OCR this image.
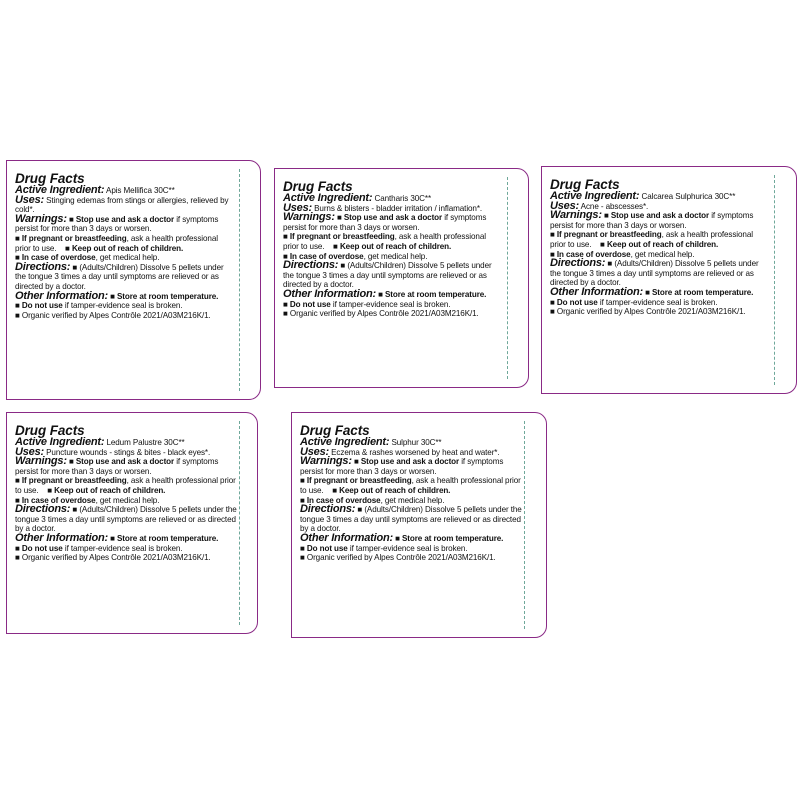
Drug Facts

Active Ingredient: Apis Mellifica 30C**

Uses: Stinging edemas from stings or allergies, relieved by cold*.

Warnings: ■ Stop use and ask a doctor if symptoms persist for more than 3 days or worsen.

■ If pregnant or breastfeeding, ask a health professional prior to use. ■ Keep out of reach of children.

■ In case of overdose, get medical help.

Directions: ■ (Adults/Children) Dissolve 5 pellets under the tongue 3 times a day until symptoms are relieved or as directed by a doctor.

Other Information: ■ Store at room temperature.

■ Do not use if tamper-evidence seal is broken.

■ Organic verified by Alpes Contrôle 2021/A03M216K/1.

Drug Facts

Active Ingredient: Cantharis 30C**

Uses: Burns & blisters - bladder irritation / inflamation*.

Warnings: ■ Stop use and ask a doctor if symptoms persist for more than 3 days or worsen.

■ If pregnant or breastfeeding, ask a health professional prior to use. ■ Keep out of reach of children.

■ In case of overdose, get medical help.

Directions: ■ (Adults/Children) Dissolve 5 pellets under the tongue 3 times a day until symptoms are relieved or as directed by a doctor.

Other Information: ■ Store at room temperature.

■ Do not use if tamper-evidence seal is broken.

■ Organic verified by Alpes Contrôle 2021/A03M216K/1.

Drug Facts

Active Ingredient: Calcarea Sulphurica 30C**

Uses: Acne - abscesses*.

Warnings: ■ Stop use and ask a doctor if symptoms persist for more than 3 days or worsen.

■ If pregnant or breastfeeding, ask a health professional prior to use. ■ Keep out of reach of children.

■ In case of overdose, get medical help.

Directions: ■ (Adults/Children) Dissolve 5 pellets under the tongue 3 times a day until symptoms are relieved or as directed by a doctor.

Other Information: ■ Store at room temperature.

■ Do not use if tamper-evidence seal is broken.

■ Organic verified by Alpes Contrôle 2021/A03M216K/1.

Drug Facts

Active Ingredient: Ledum Palustre 30C**

Uses: Puncture wounds - stings & bites - black eyes*.

Warnings: ■ Stop use and ask a doctor if symptoms persist for more than 3 days or worsen.

■ If pregnant or breastfeeding, ask a health professional prior to use. ■ Keep out of reach of children.

■ In case of overdose, get medical help.

Directions: ■ (Adults/Children) Dissolve 5 pellets under the tongue 3 times a day until symptoms are relieved or as directed by a doctor.

Other Information: ■ Store at room temperature.

■ Do not use if tamper-evidence seal is broken.

■ Organic verified by Alpes Contrôle 2021/A03M216K/1.

Drug Facts

Active Ingredient: Sulphur 30C**

Uses: Eczema & rashes worsened by heat and water*.

Warnings: ■ Stop use and ask a doctor if symptoms persist for more than 3 days or worsen.

■ If pregnant or breastfeeding, ask a health professional prior to use. ■ Keep out of reach of children.

■ In case of overdose, get medical help.

Directions: ■ (Adults/Children) Dissolve 5 pellets under the tongue 3 times a day until symptoms are relieved or as directed by a doctor.

Other Information: ■ Store at room temperature.

■ Do not use if tamper-evidence seal is broken.

■ Organic verified by Alpes Contrôle 2021/A03M216K/1.
